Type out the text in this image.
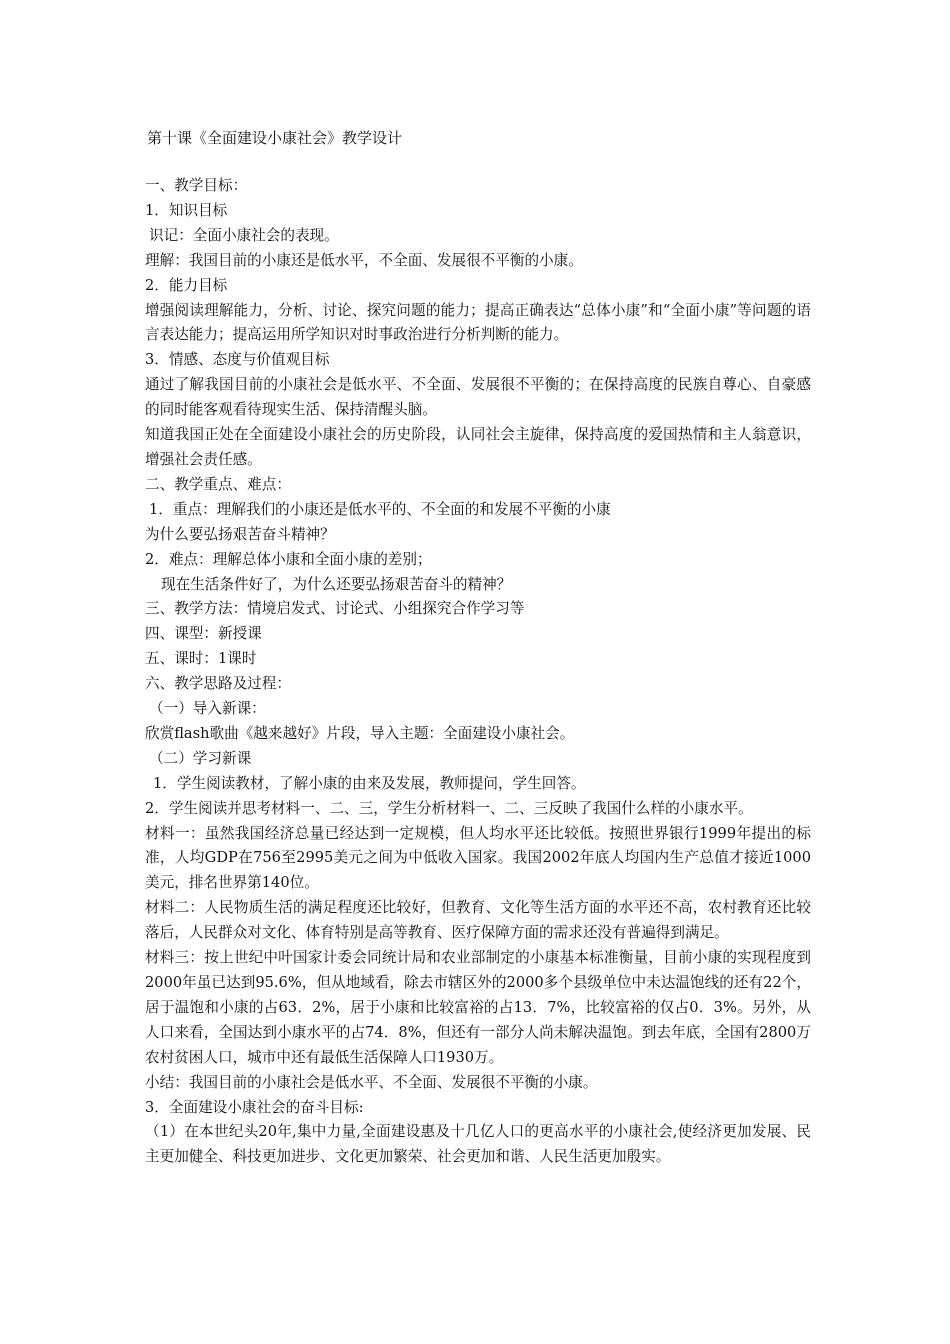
第十课《全面建设小康社会》教学设计

一、教学目标：

1．知识目标

识记：全面小康社会的表现。

理解：我国目前的小康还是低水平，不全面、发展很不平衡的小康。

2．能力目标

增强阅读理解能力，分析、讨论、探究问题的能力；提高正确表达“总体小康”和“全面小康”等问题的语言表达能力；提高运用所学知识对时事政治进行分析判断的能力。

3．情感、态度与价值观目标

通过了解我国目前的小康社会是低水平、不全面、发展很不平衡的；在保持高度的民族自尊心、自豪感的同时能客观看待现实生活、保持清醒头脑。

知道我国正处在全面建设小康社会的历史阶段，认同社会主旋律，保持高度的爱国热情和主人翁意识，增强社会责任感。

二、教学重点、难点：

1．重点：理解我们的小康还是低水平的、不全面的和发展不平衡的小康

为什么要弘扬艰苦奋斗精神？

2．难点：理解总体小康和全面小康的差别；

现在生活条件好了，为什么还要弘扬艰苦奋斗的精神？

三、教学方法：情境启发式、讨论式、小组探究合作学习等

四、课型：新授课

五、课时：1课时

六、教学思路及过程：

（一）导入新课：

欣赏flash歌曲《越来越好》片段，导入主题：全面建设小康社会。

（二）学习新课

1．学生阅读教材，了解小康的由来及发展，教师提问，学生回答。

2．学生阅读并思考材料一、二、三，学生分析材料一、二、三反映了我国什么样的小康水平。

材料一：虽然我国经济总量已经达到一定规模，但人均水平还比较低。按照世界银行1999年提出的标准，人均GDP在756至2995美元之间为中低收入国家。我国2002年底人均国内生产总值才接近1000美元，排名世界第140位。

材料二：人民物质生活的满足程度还比较好，但教育、文化等生活方面的水平还不高，农村教育还比较落后，人民群众对文化、体育特别是高等教育、医疗保障方面的需求还没有普遍得到满足。

材料三：按上世纪中叶国家计委会同统计局和农业部制定的小康基本标准衡量，目前小康的实现程度到2000年虽已达到95.6%，但从地域看，除去市辖区外的2000多个县级单位中未达温饱线的还有22个，居于温饱和小康的占63．2%，居于小康和比较富裕的占13．7%，比较富裕的仅占0．3%。另外，从人口来看，全国达到小康水平的占74．8%，但还有一部分人尚未解决温饱。到去年底，全国有2800万农村贫困人口，城市中还有最低生活保障人口1930万。

小结：我国目前的小康社会是低水平、不全面、发展很不平衡的小康。

3．全面建设小康社会的奋斗目标:

（1）在本世纪头20年,集中力量,全面建设惠及十几亿人口的更高水平的小康社会,使经济更加发展、民主更加健全、科技更加进步、文化更加繁荣、社会更加和谐、人民生活更加殷实。
